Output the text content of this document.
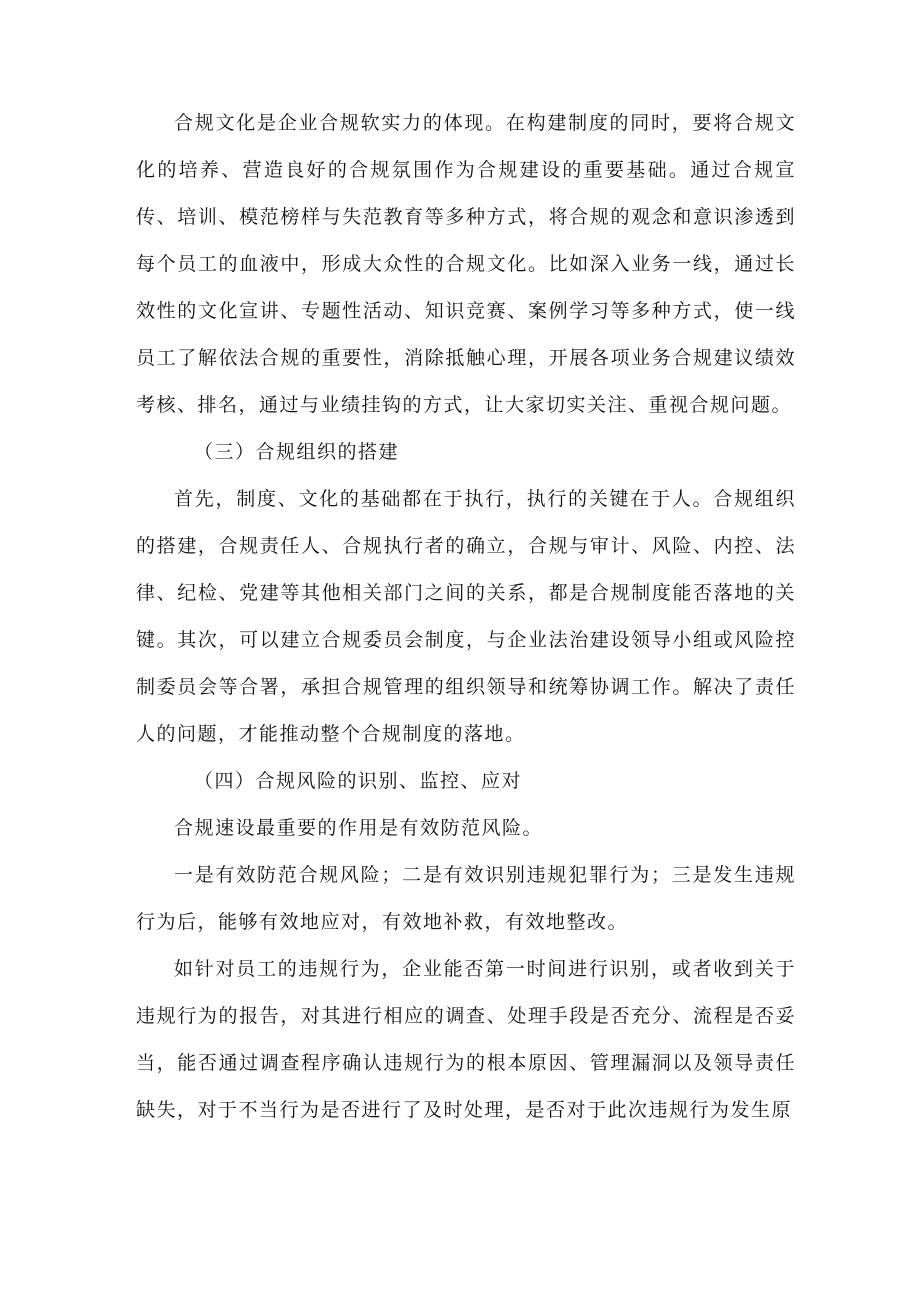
合规文化是企业合规软实力的体现。在构建制度的同时，要将合规文化的培养、营造良好的合规氛围作为合规建设的重要基础。通过合规宣传、培训、模范榜样与失范教育等多种方式，将合规的观念和意识渗透到每个员工的血液中，形成大众性的合规文化。比如深入业务一线，通过长效性的文化宣讲、专题性活动、知识竞赛、案例学习等多种方式，使一线员工了解依法合规的重要性，消除抵触心理，开展各项业务合规建议绩效考核、排名，通过与业绩挂钩的方式，让大家切实关注、重视合规问题。

（三）合规组织的搭建

首先，制度、文化的基础都在于执行，执行的关键在于人。合规组织的搭建，合规责任人、合规执行者的确立，合规与审计、风险、内控、法律、纪检、党建等其他相关部门之间的关系，都是合规制度能否落地的关键。其次，可以建立合规委员会制度，与企业法治建设领导小组或风险控制委员会等合署，承担合规管理的组织领导和统筹协调工作。解决了责任人的问题，才能推动整个合规制度的落地。

（四）合规风险的识别、监控、应对

合规速设最重要的作用是有效防范风险。

一是有效防范合规风险；二是有效识别违规犯罪行为；三是发生违规行为后，能够有效地应对，有效地补救，有效地整改。

如针对员工的违规行为，企业能否第一时间进行识别，或者收到关于违规行为的报告，对其进行相应的调查、处理手段是否充分、流程是否妥当，能否通过调查程序确认违规行为的根本原因、管理漏洞以及领导责任缺失，对于不当行为是否进行了及时处理，是否对于此次违规行为发生原
